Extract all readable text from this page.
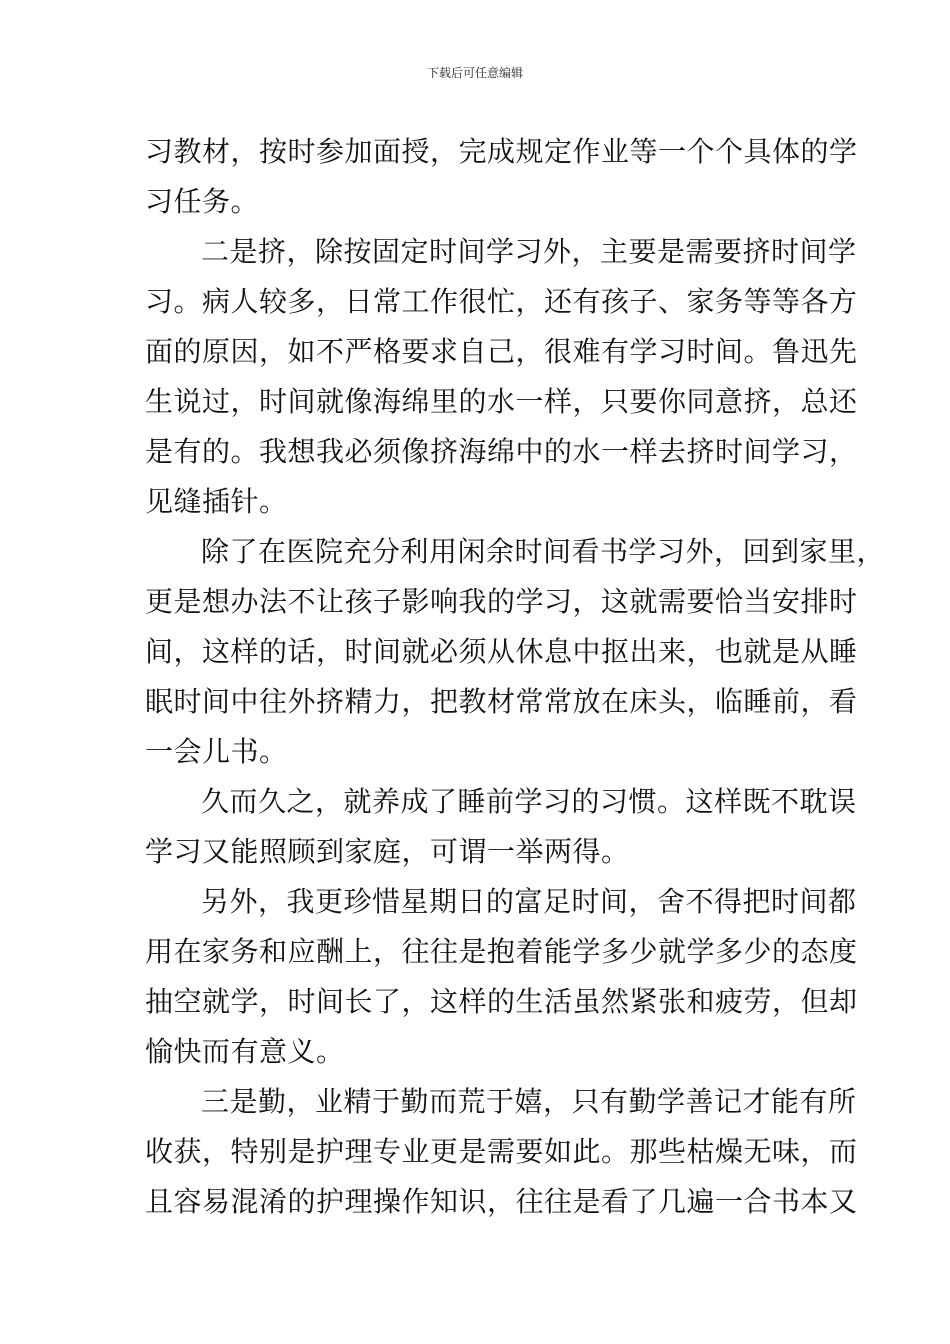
下载后可任意编辑
习教材，按时参加面授，完成规定作业等一个个具体的学
习任务。
二是挤，除按固定时间学习外，主要是需要挤时间学
习。病人较多，日常工作很忙，还有孩子、家务等等各方
面的原因，如不严格要求自己，很难有学习时间。鲁迅先
生说过，时间就像海绵里的水一样，只要你同意挤，总还
是有的。我想我必须像挤海绵中的水一样去挤时间学习，
见缝插针。
除了在医院充分利用闲余时间看书学习外，回到家里，
更是想办法不让孩子影响我的学习，这就需要恰当安排时
间，这样的话，时间就必须从休息中抠出来，也就是从睡
眠时间中往外挤精力，把教材常常放在床头，临睡前，看
一会儿书。
久而久之，就养成了睡前学习的习惯。这样既不耽误
学习又能照顾到家庭，可谓一举两得。
另外，我更珍惜星期日的富足时间，舍不得把时间都
用在家务和应酬上，往往是抱着能学多少就学多少的态度
抽空就学，时间长了，这样的生活虽然紧张和疲劳，但却
愉快而有意义。
三是勤，业精于勤而荒于嬉，只有勤学善记才能有所
收获，特别是护理专业更是需要如此。那些枯燥无味，而
且容易混淆的护理操作知识，往往是看了几遍一合书本又
